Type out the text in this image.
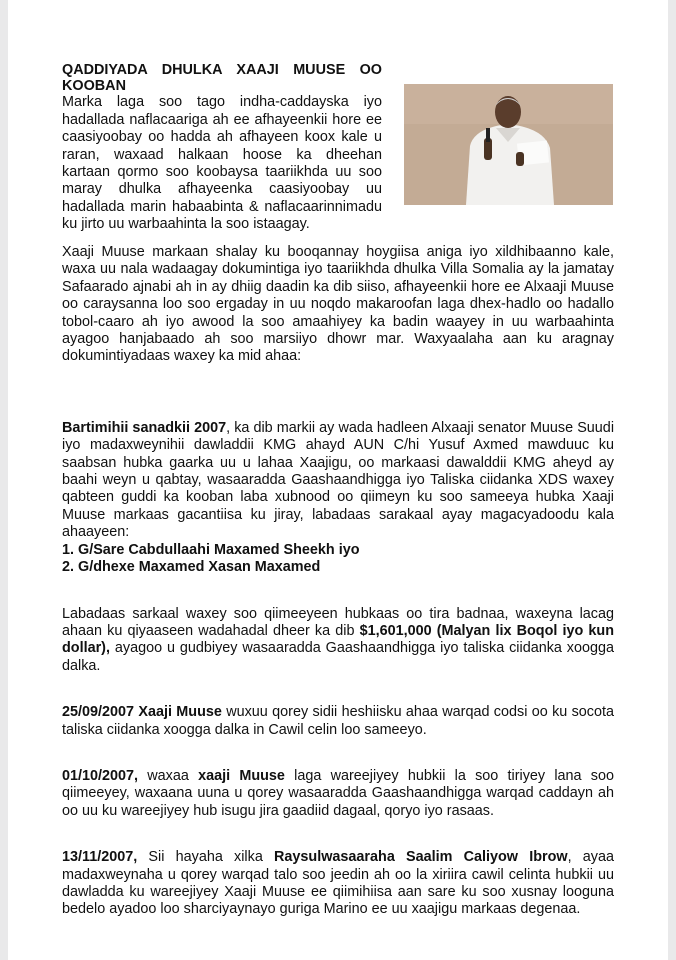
QADDIYADA DHULKA XAAJI MUUSE OO KOOBAN

Marka laga soo tago indha-caddayska iyo hadallada naflacaariga ah ee afhayeenkii hore ee caasiyoobay oo hadda ah afhayeen koox kale u raran, waxaad halkaan hoose ka dheehan kartaan qormo soo koobaysa taariikhda uu soo maray dhulka afhayeenka caasiyoobay uu hadallada marin habaabinta & naflacaarinnimadu ku jirto uu warbaahinta la soo istaagay.

Xaaji Muuse markaan shalay ku booqannay hoygiisa aniga iyo xildhibaanno kale, waxa uu nala wadaagay dokumintiga iyo taariikhda dhulka Villa Somalia ay la jamatay Safaarado ajnabi ah in ay dhiig daadin ka dib siiso, afhayeenkii hore ee Alxaaji Muuse oo caraysanna loo soo ergaday in uu noqdo makaroofan laga dhex-hadlo oo hadallo tobol-caaro ah iyo awood la soo amaahiyey ka badin waayey in uu warbaahinta ayagoo hanjabaado ah soo marsiiyo dhowr mar. Waxyaalaha aan ku aragnay dokumintiyadaas waxey ka mid ahaa:

Bartimihii sanadkii 2007, ka dib markii ay wada hadleen Alxaaji senator Muuse Suudi iyo madaxweynihii dawladdii KMG ahayd AUN C/hi Yusuf Axmed mawduuc ku saabsan hubka gaarka uu u lahaa Xaajigu, oo markaasi dawalddii KMG aheyd ay baahi weyn u qabtay, wasaaradda Gaashaandhigga iyo Taliska ciidanka XDS waxey qabteen guddi ka kooban laba xubnood oo qiimeyn ku soo sameeya hubka Xaaji Muuse markaas gacantiisa ku jiray, labadaas sarakaal ayay magacyadoodu kala ahaayeen:

1. G/Sare Cabdullaahi Maxamed Sheekh iyo
2. G/dhexe Maxamed Xasan Maxamed

Labadaas sarkaal waxey soo qiimeeyeen hubkaas oo tira badnaa, waxeyna lacag ahaan ku qiyaaseen wadahadal dheer ka dib $1,601,000 (Malyan lix Boqol iyo kun dollar), ayagoo u gudbiyey wasaaradda Gaashaandhigga iyo taliska ciidanka xoogga dalka.

25/09/2007 Xaaji Muuse wuxuu qorey sidii heshiisku ahaa warqad codsi oo ku socota taliska ciidanka xoogga dalka in Cawil celin loo sameeyo.

01/10/2007, waxaa xaaji Muuse laga wareejiyey hubkii la soo tiriyey lana soo qiimeeyey, waxaana uuna u qorey wasaaradda Gaashaandhigga warqad caddayn ah oo uu ku wareejiyey hub isugu jira gaadiid dagaal, qoryo iyo rasaas.

13/11/2007, Sii hayaha xilka Raysulwasaaraha Saalim Caliyow Ibrow, ayaa madaxweynaha u qorey warqad talo soo jeedin ah oo la xiriira cawil celinta hubkii uu dawladda ku wareejiyey Xaaji Muuse ee qiimihiisa aan sare ku soo xusnay looguna bedelo ayadoo loo sharciyaynayo guriga Marino ee uu xaajigu markaas degenaa.
